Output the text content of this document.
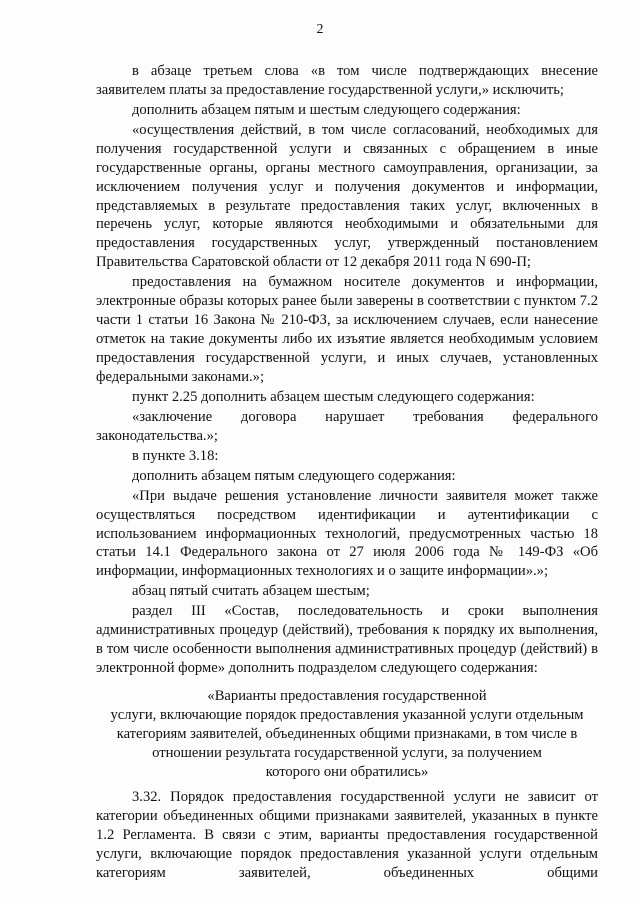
2

в абзаце третьем слова «в том числе подтверждающих внесение заявителем платы за предоставление государственной услуги,» исключить;

дополнить абзацем пятым и шестым следующего содержания:

«осуществления действий, в том числе согласований, необходимых для получения государственной услуги и связанных с обращением в иные государственные органы, органы местного самоуправления, организации, за исключением получения услуг и получения документов и информации, представляемых в результате предоставления таких услуг, включенных в перечень услуг, которые являются необходимыми и обязательными для предоставления государственных услуг, утвержденный постановлением Правительства Саратовской области от 12 декабря 2011 года N 690-П;

предоставления на бумажном носителе документов и информации, электронные образы которых ранее были заверены в соответствии с пунктом 7.2 части 1 статьи 16 Закона № 210-ФЗ, за исключением случаев, если нанесение отметок на такие документы либо их изъятие является необходимым условием предоставления государственной услуги, и иных случаев, установленных федеральными законами.»;

пункт 2.25 дополнить абзацем шестым следующего содержания:

«заключение договора нарушает требования федерального законодательства.»;

в пункте 3.18:

дополнить абзацем пятым следующего содержания:

«При выдаче решения установление личности заявителя может также осуществляться посредством идентификации и аутентификации с использованием информационных технологий, предусмотренных частью 18 статьи 14.1 Федерального закона от 27 июля 2006 года № 149-ФЗ «Об информации, информационных технологиях и о защите информации».»;

абзац пятый считать абзацем шестым;

раздел III «Состав, последовательность и сроки выполнения административных процедур (действий), требования к порядку их выполнения, в том числе особенности выполнения административных процедур (действий) в электронной форме» дополнить подразделом следующего содержания:

«Варианты предоставления государственной
услуги, включающие порядок предоставления указанной услуги отдельным
категориям заявителей, объединенных общими признаками, в том числе в
отношении результата государственной услуги, за получением
которого они обратились»

3.32. Порядок предоставления государственной услуги не зависит от категории объединенных общими признаками заявителей, указанных в пункте 1.2 Регламента. В связи с этим, варианты предоставления государственной услуги, включающие порядок предоставления указанной услуги отдельным категориям заявителей, объединенных общими
